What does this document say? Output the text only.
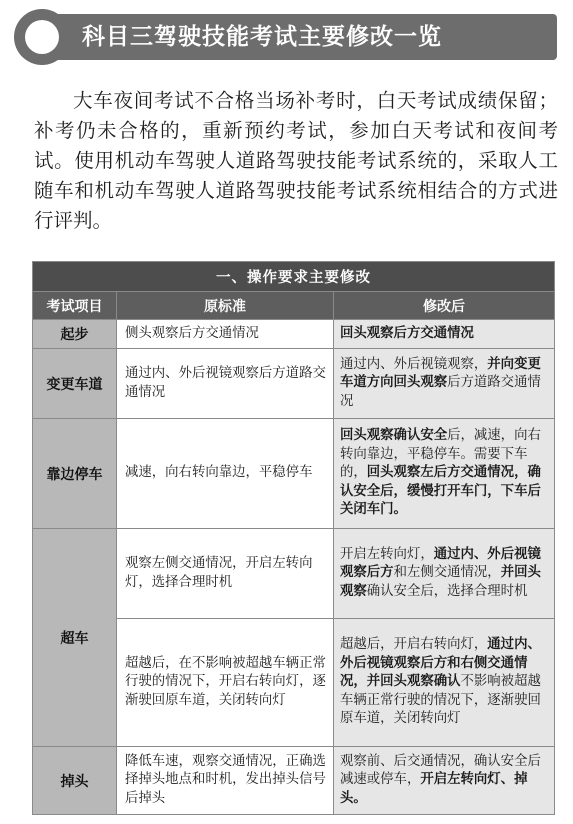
科目三驾驶技能考试主要修改一览

大车夜间考试不合格当场补考时，白天考试成绩保留；补考仍未合格的，重新预约考试，参加白天考试和夜间考试。使用机动车驾驶人道路驾驶技能考试系统的，采取人工随车和机动车驾驶人道路驾驶技能考试系统相结合的方式进行评判。

一、操作要求主要修改		
考试项目	原标准	修改后
起步	侧头观察后方交通情况	回头观察后方交通情况
变更车道	通过内、外后视镜观察后方道路交通情况	通过内、外后视镜观察，并向变更车道方向回头观察后方道路交通情况
靠边停车	减速，向右转向靠边，平稳停车	回头观察确认安全后，减速，向右转向靠边，平稳停车。需要下车的，回头观察左后方交通情况，确认安全后，缓慢打开车门，下车后关闭车门。
超车	观察左侧交通情况，开启左转向灯，选择合理时机	开启左转向灯，通过内、外后视镜观察后方和左侧交通情况，并回头观察确认安全后，选择合理时机
	超越后，在不影响被超越车辆正常行驶的情况下，开启右转向灯，逐渐驶回原车道，关闭转向灯	超越后，开启右转向灯，通过内、外后视镜观察后方和右侧交通情况，并回头观察确认不影响被超越车辆正常行驶的情况下，逐渐驶回原车道，关闭转向灯
掉头	降低车速，观察交通情况，正确选择掉头地点和时机，发出掉头信号后掉头	观察前、后交通情况，确认安全后减速或停车，开启左转向灯、掉头。
